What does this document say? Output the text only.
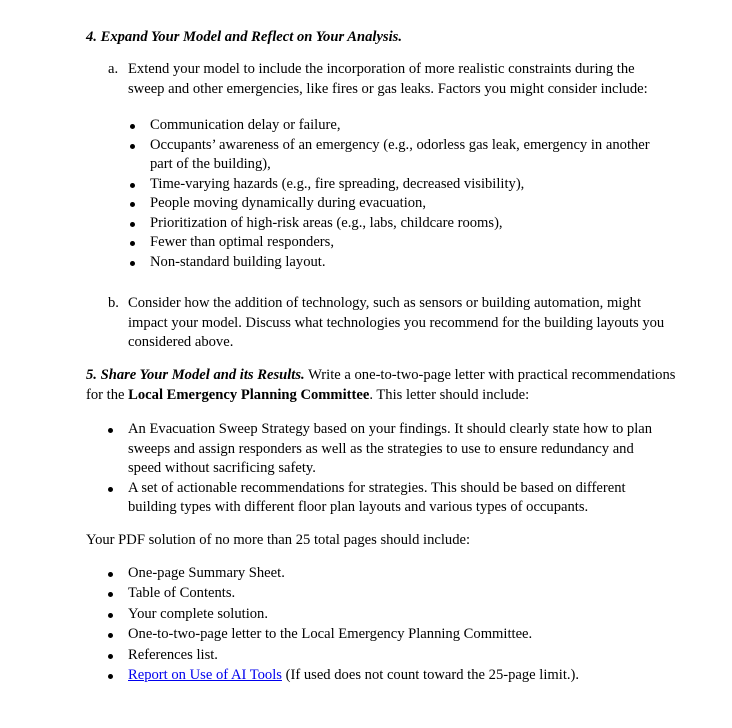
4. Expand Your Model and Reflect on Your Analysis.
a. Extend your model to include the incorporation of more realistic constraints during the sweep and other emergencies, like fires or gas leaks. Factors you might consider include:
Communication delay or failure,
Occupants’ awareness of an emergency (e.g., odorless gas leak, emergency in another part of the building),
Time-varying hazards (e.g., fire spreading, decreased visibility),
People moving dynamically during evacuation,
Prioritization of high-risk areas (e.g., labs, childcare rooms),
Fewer than optimal responders,
Non-standard building layout.
b. Consider how the addition of technology, such as sensors or building automation, might impact your model. Discuss what technologies you recommend for the building layouts you considered above.
5. Share Your Model and its Results. Write a one-to-two-page letter with practical recommendations for the Local Emergency Planning Committee. This letter should include:
An Evacuation Sweep Strategy based on your findings. It should clearly state how to plan sweeps and assign responders as well as the strategies to use to ensure redundancy and speed without sacrificing safety.
A set of actionable recommendations for strategies. This should be based on different building types with different floor plan layouts and various types of occupants.
Your PDF solution of no more than 25 total pages should include:
One-page Summary Sheet.
Table of Contents.
Your complete solution.
One-to-two-page letter to the Local Emergency Planning Committee.
References list.
Report on Use of AI Tools (If used does not count toward the 25-page limit.).
